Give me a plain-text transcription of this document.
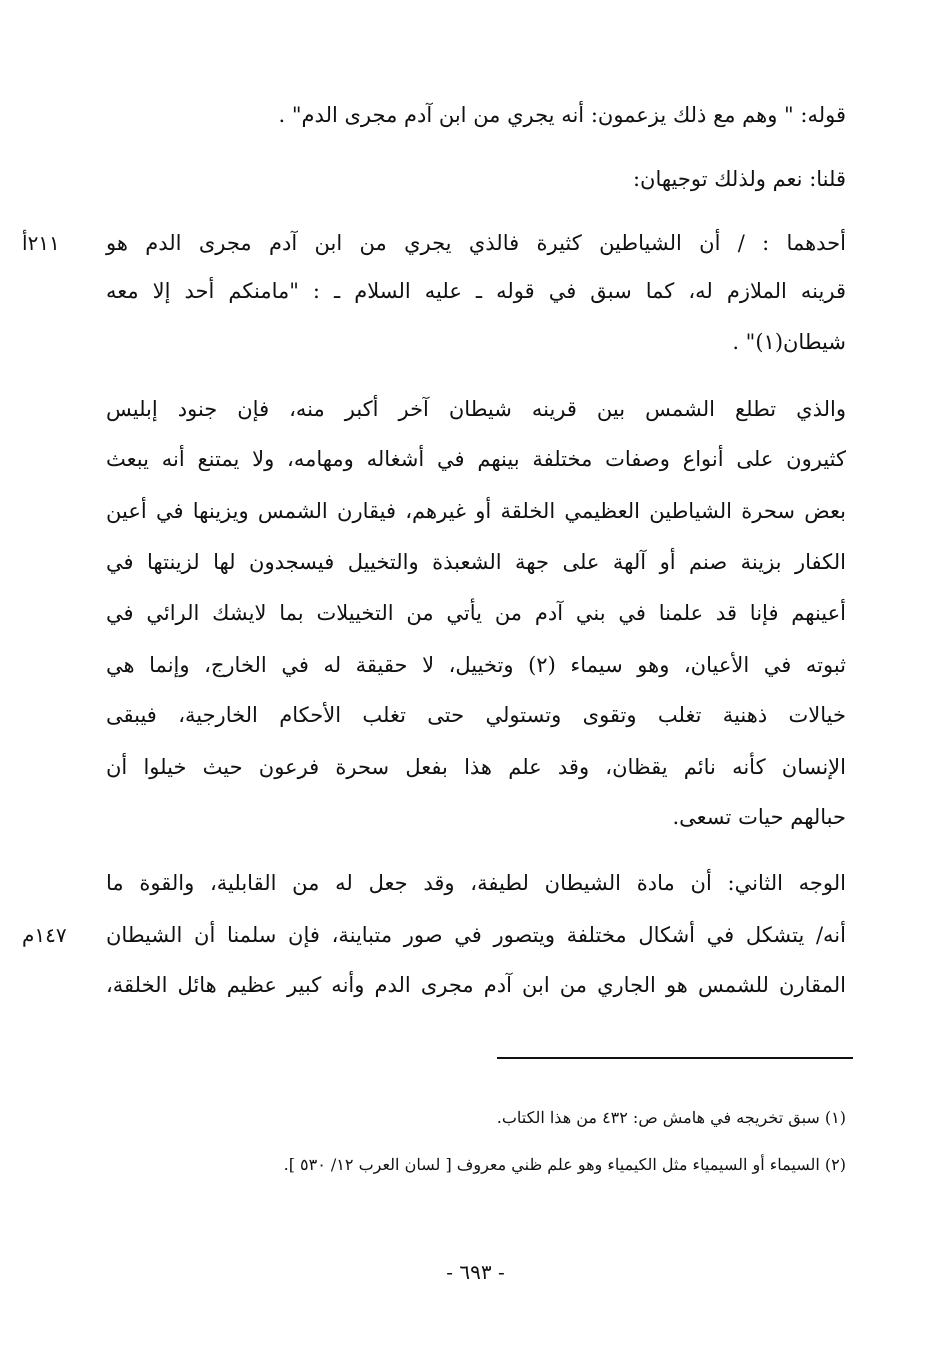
قوله: " وهم مع ذلك يزعمون: أنه يجري من ابن آدم مجرى الدم" .
قلنا: نعم ولذلك توجيهان:
أحدهما : / أن الشياطين كثيرة فالذي يجري من ابن آدم مجرى الدم هو
قرينه الملازم له، كما سبق في قوله ـ عليه السلام ـ : "مامنكم أحد إلا معه
شيطان(١)" .
٢١١أ
والذي تطلع الشمس بين قرينه شيطان آخر أكبر منه، فإن جنود إبليس
كثيرون على أنواع وصفات مختلفة بينهم في أشغاله ومهامه، ولا يمتنع أنه يبعث
بعض سحرة الشياطين العظيمي الخلقة أو غيرهم، فيقارن الشمس ويزينها في أعين
الكفار بزينة صنم أو آلهة على جهة الشعبذة والتخييل فيسجدون لها لزينتها في
أعينهم فإنا قد علمنا في بني آدم من يأتي من التخييلات بما لايشك الرائي في
ثبوته في الأعيان، وهو سيماء (٢) وتخييل، لا حقيقة له في الخارج، وإنما هي
خيالات ذهنية تغلب وتقوى وتستولي حتى تغلب الأحكام الخارجية، فيبقى
الإنسان كأنه نائم يقظان، وقد علم هذا بفعل سحرة فرعون حيث خيلوا أن
حبالهم حيات تسعى.
الوجه الثاني: أن مادة الشيطان لطيفة، وقد جعل له من القابلية، والقوة ما
أنه/ يتشكل في أشكال مختلفة ويتصور في صور متباينة، فإن سلمنا أن الشيطان
المقارن للشمس هو الجاري من ابن آدم مجرى الدم وأنه كبير عظيم هائل الخلقة،
١٤٧م
(١) سبق تخريجه في هامش ص: ٤٣٢ من هذا الكتاب.
(٢) السيماء أو السيمياء مثل الكيمياء وهو علم ظني معروف [ لسان العرب ١٢/ ٥٣٠ ].
- ٦٩٣ -
